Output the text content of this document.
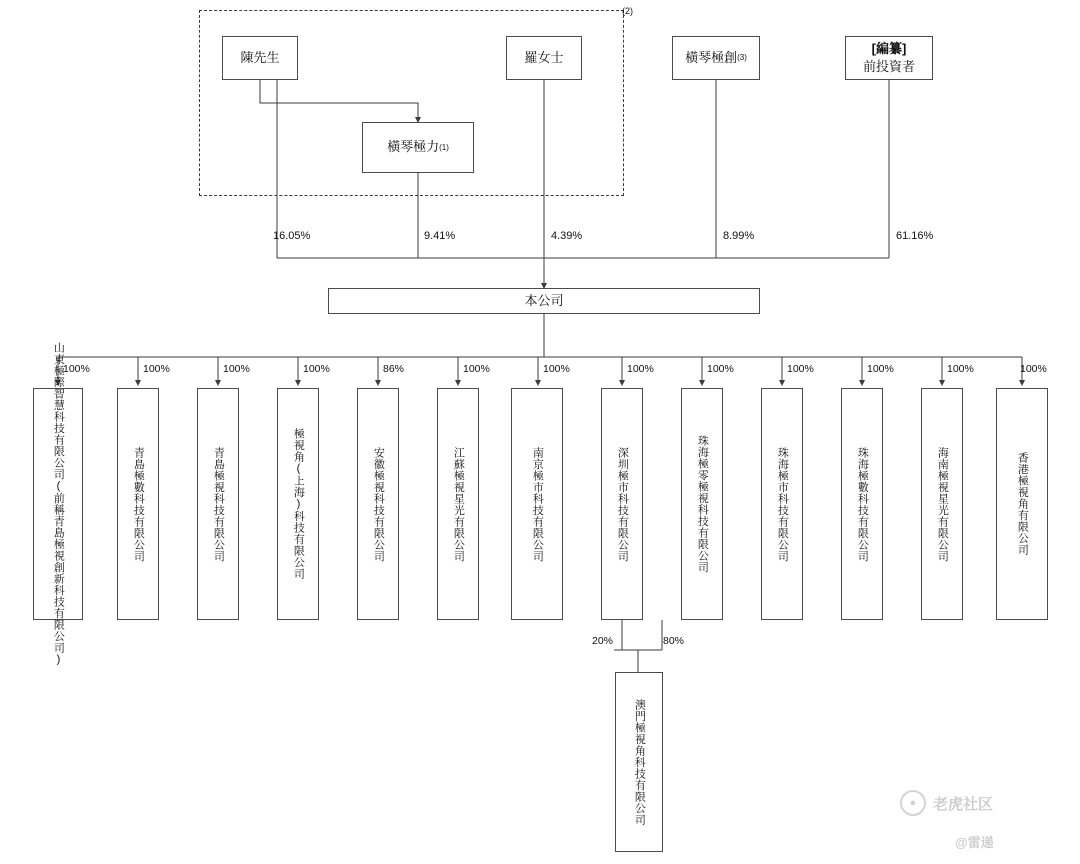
(2)
陳先生
橫琴極力 (1)
羅女士	橫琴極創 (3)
[編纂]
前投資者
16.05%	9.41%	4.39%	8.99%	61.16%
本公司
100%	100%	100%	100%	86%	100%	100%	100%	100%	100%	100%	100%	100%
山東極際智慧科技有限公司(前稱青島極視創新科技有限公司)	青島極數科技有限公司	青島極視科技有限公司	極視角(上海)科技有限公司	安徽極視科技有限公司	江蘇極視星光有限公司	南京極市科技有限公司	深圳極市科技有限公司	珠海極零極視科技有限公司	珠海極市科技有限公司	珠海極數科技有限公司	海南極視星光有限公司	香港極視角有限公司
20%	80%
澳門極視角科技有限公司	●	老虎社区
@雷递
